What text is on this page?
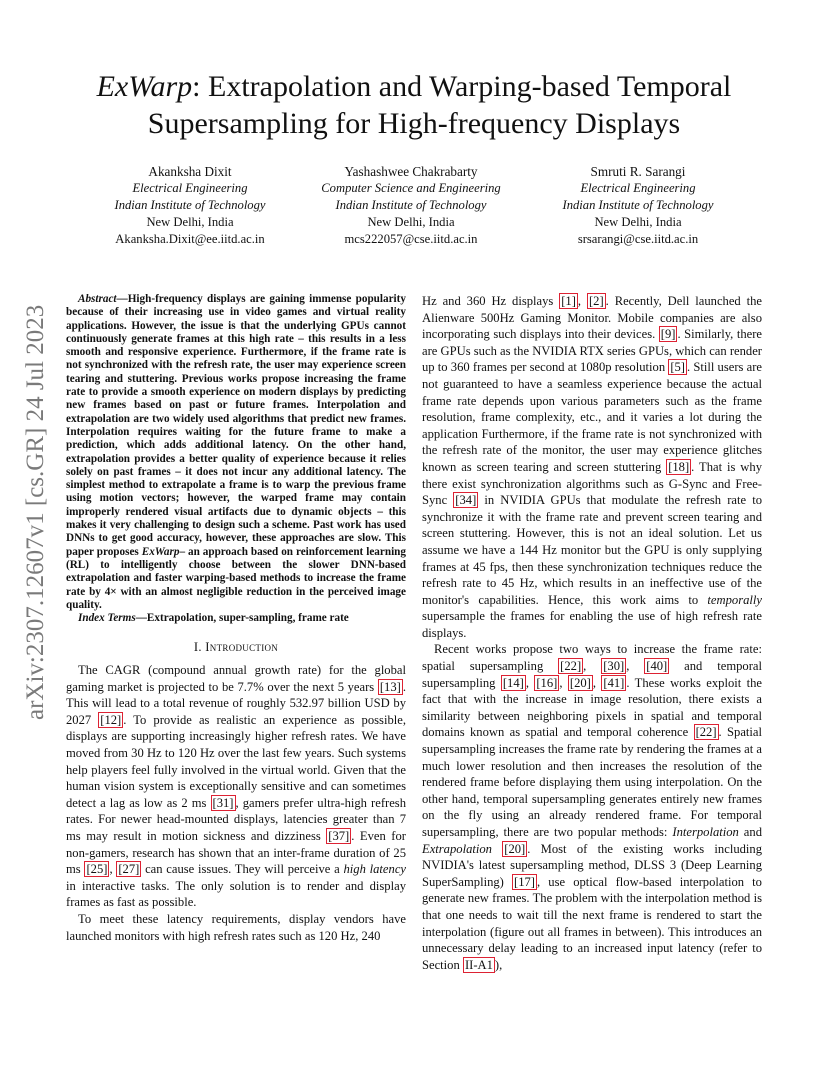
arXiv:2307.12607v1 [cs.GR] 24 Jul 2023
ExWarp: Extrapolation and Warping-based Temporal Supersampling for High-frequency Displays
Akanksha Dixit
Electrical Engineering
Indian Institute of Technology
New Delhi, India
Akanksha.Dixit@ee.iitd.ac.in
Yashashwee Chakrabarty
Computer Science and Engineering
Indian Institute of Technology
New Delhi, India
mcs222057@cse.iitd.ac.in
Smruti R. Sarangi
Electrical Engineering
Indian Institute of Technology
New Delhi, India
srsarangi@cse.iitd.ac.in

Abstract—High-frequency displays are gaining immense popularity because of their increasing use in video games and virtual reality applications. However, the issue is that the underlying GPUs cannot continuously generate frames at this high rate – this results in a less smooth and responsive experience. Furthermore, if the frame rate is not synchronized with the refresh rate, the user may experience screen tearing and stuttering. Previous works propose increasing the frame rate to provide a smooth experience on modern displays by predicting new frames based on past or future frames. Interpolation and extrapolation are two widely used algorithms that predict new frames. Interpolation requires waiting for the future frame to make a prediction, which adds additional latency. On the other hand, extrapolation provides a better quality of experience because it relies solely on past frames – it does not incur any additional latency. The simplest method to extrapolate a frame is to warp the previous frame using motion vectors; however, the warped frame may contain improperly rendered visual artifacts due to dynamic objects – this makes it very challenging to design such a scheme. Past work has used DNNs to get good accuracy, however, these approaches are slow. This paper proposes ExWarp– an approach based on reinforcement learning (RL) to intelligently choose between the slower DNN-based extrapolation and faster warping-based methods to increase the frame rate by 4× with an almost negligible reduction in the perceived image quality.

Index Terms—Extrapolation, super-sampling, frame rate

I. Introduction

The CAGR (compound annual growth rate) for the global gaming market is projected to be 7.7% over the next 5 years [13] . This will lead to a total revenue of roughly 532.97 billion USD by 2027 [12] . To provide as realistic an experience as possible, displays are supporting increasingly higher refresh rates. We have moved from 30 Hz to 120 Hz over the last few years. Such systems help players feel fully involved in the virtual world. Given that the human vision system is exceptionally sensitive and can sometimes detect a lag as low as 2 ms [31] , gamers prefer ultra-high refresh rates. For newer head-mounted displays, latencies greater than 7 ms may result in motion sickness and dizziness [37] . Even for non-gamers, research has shown that an inter-frame duration of 25 ms [25] , [27] can cause issues. They will perceive a high latency in interactive tasks. The only solution is to render and display frames as fast as possible.

To meet these latency requirements, display vendors have launched monitors with high refresh rates such as 120 Hz, 240

Hz and 360 Hz displays [1] , [2] . Recently, Dell launched the Alienware 500Hz Gaming Monitor. Mobile companies are also incorporating such displays into their devices. [9] . Similarly, there are GPUs such as the NVIDIA RTX series GPUs, which can render up to 360 frames per second at 1080p resolution [5] . Still users are not guaranteed to have a seamless experience because the actual frame rate depends upon various parameters such as the frame resolution, frame complexity, etc., and it varies a lot during the application Furthermore, if the frame rate is not synchronized with the refresh rate of the monitor, the user may experience glitches known as screen tearing and screen stuttering [18] . That is why there exist synchronization algorithms such as G-Sync and Free-Sync [34] in NVIDIA GPUs that modulate the refresh rate to synchronize it with the frame rate and prevent screen tearing and screen stuttering. However, this is not an ideal solution. Let us assume we have a 144 Hz monitor but the GPU is only supplying frames at 45 fps, then these synchronization techniques reduce the refresh rate to 45 Hz, which results in an ineffective use of the monitor's capabilities. Hence, this work aims to temporally supersample the frames for enabling the use of high refresh rate displays.

Recent works propose two ways to increase the frame rate: spatial supersampling [22] , [30] , [40] and temporal supersampling [14] , [16] , [20] , [41] . These works exploit the fact that with the increase in image resolution, there exists a similarity between neighboring pixels in spatial and temporal domains known as spatial and temporal coherence [22] . Spatial supersampling increases the frame rate by rendering the frames at a much lower resolution and then increases the resolution of the rendered frame before displaying them using interpolation. On the other hand, temporal supersampling generates entirely new frames on the fly using an already rendered frame. For temporal supersampling, there are two popular methods: Interpolation and Extrapolation [20] . Most of the existing works including NVIDIA's latest supersampling method, DLSS 3 (Deep Learning SuperSampling) [17] , use optical flow-based interpolation to generate new frames. The problem with the interpolation method is that one needs to wait till the next frame is rendered to start the interpolation (figure out all frames in between). This introduces an unnecessary delay leading to an increased input latency (refer to Section II-A1 ),
